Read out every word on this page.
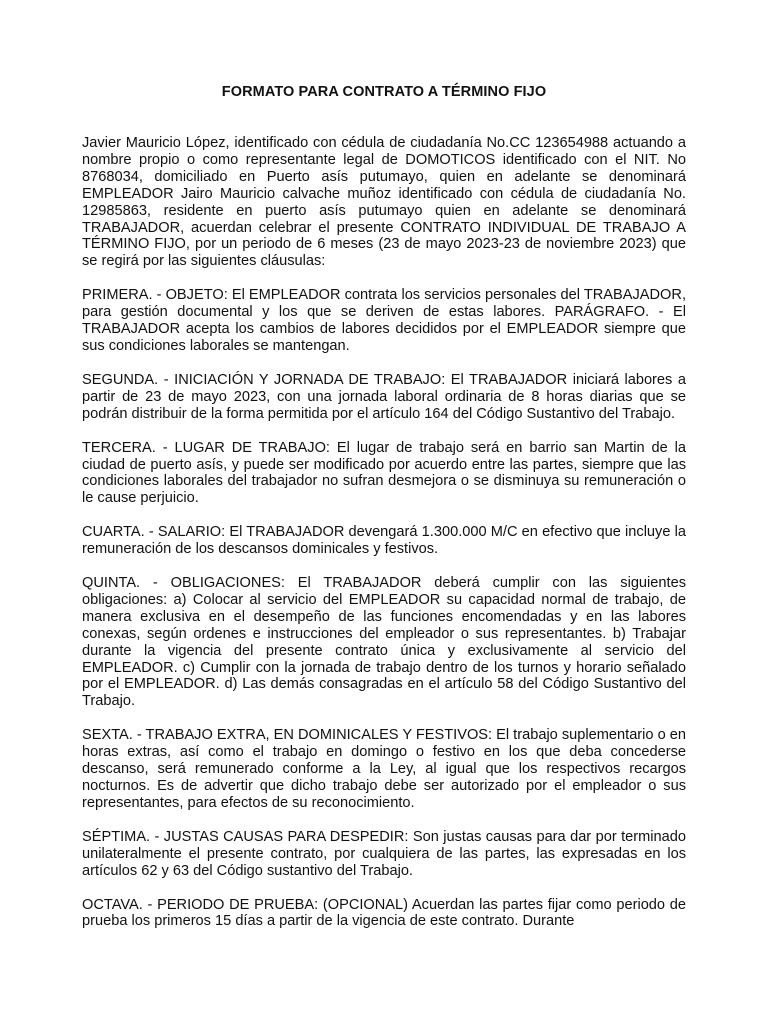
FORMATO PARA CONTRATO A TÉRMINO FIJO

Javier Mauricio López, identificado con cédula de ciudadanía No.CC 123654988 actuando a nombre propio o como representante legal de DOMOTICOS identificado con el NIT. No 8768034, domiciliado en Puerto asís putumayo, quien en adelante se denominará EMPLEADOR Jairo Mauricio calvache muñoz identificado con cédula de ciudadanía No. 12985863, residente en puerto asís putumayo quien en adelante se denominará TRABAJADOR, acuerdan celebrar el presente CONTRATO INDIVIDUAL DE TRABAJO A TÉRMINO FIJO, por un periodo de 6 meses (23 de mayo 2023-23 de noviembre 2023) que se regirá por las siguientes cláusulas:

PRIMERA. - OBJETO: El EMPLEADOR contrata los servicios personales del TRABAJADOR, para gestión documental y los que se deriven de estas labores. PARÁGRAFO. - El TRABAJADOR acepta los cambios de labores decididos por el EMPLEADOR siempre que sus condiciones laborales se mantengan.

SEGUNDA. - INICIACIÓN Y JORNADA DE TRABAJO: El TRABAJADOR iniciará labores a partir de 23 de mayo 2023, con una jornada laboral ordinaria de 8 horas diarias que se podrán distribuir de la forma permitida por el artículo 164 del Código Sustantivo del Trabajo.

TERCERA. - LUGAR DE TRABAJO: El lugar de trabajo será en barrio san Martin de la ciudad de puerto asís, y puede ser modificado por acuerdo entre las partes, siempre que las condiciones laborales del trabajador no sufran desmejora o se disminuya su remuneración o le cause perjuicio.

CUARTA. - SALARIO: El TRABAJADOR devengará 1.300.000 M/C en efectivo que incluye la remuneración de los descansos dominicales y festivos.

QUINTA. - OBLIGACIONES: El TRABAJADOR deberá cumplir con las siguientes obligaciones: a) Colocar al servicio del EMPLEADOR su capacidad normal de trabajo, de manera exclusiva en el desempeño de las funciones encomendadas y en las labores conexas, según ordenes e instrucciones del empleador o sus representantes. b) Trabajar durante la vigencia del presente contrato única y exclusivamente al servicio del EMPLEADOR. c) Cumplir con la jornada de trabajo dentro de los turnos y horario señalado por el EMPLEADOR. d) Las demás consagradas en el artículo 58 del Código Sustantivo del Trabajo.

SEXTA. - TRABAJO EXTRA, EN DOMINICALES Y FESTIVOS: El trabajo suplementario o en horas extras, así como el trabajo en domingo o festivo en los que deba concederse descanso, será remunerado conforme a la Ley, al igual que los respectivos recargos nocturnos. Es de advertir que dicho trabajo debe ser autorizado por el empleador o sus representantes, para efectos de su reconocimiento.

SÉPTIMA. - JUSTAS CAUSAS PARA DESPEDIR: Son justas causas para dar por terminado unilateralmente el presente contrato, por cualquiera de las partes, las expresadas en los artículos 62 y 63 del Código sustantivo del Trabajo.

OCTAVA. - PERIODO DE PRUEBA: (OPCIONAL) Acuerdan las partes fijar como periodo de prueba los primeros 15 días a partir de la vigencia de este contrato. Durante
